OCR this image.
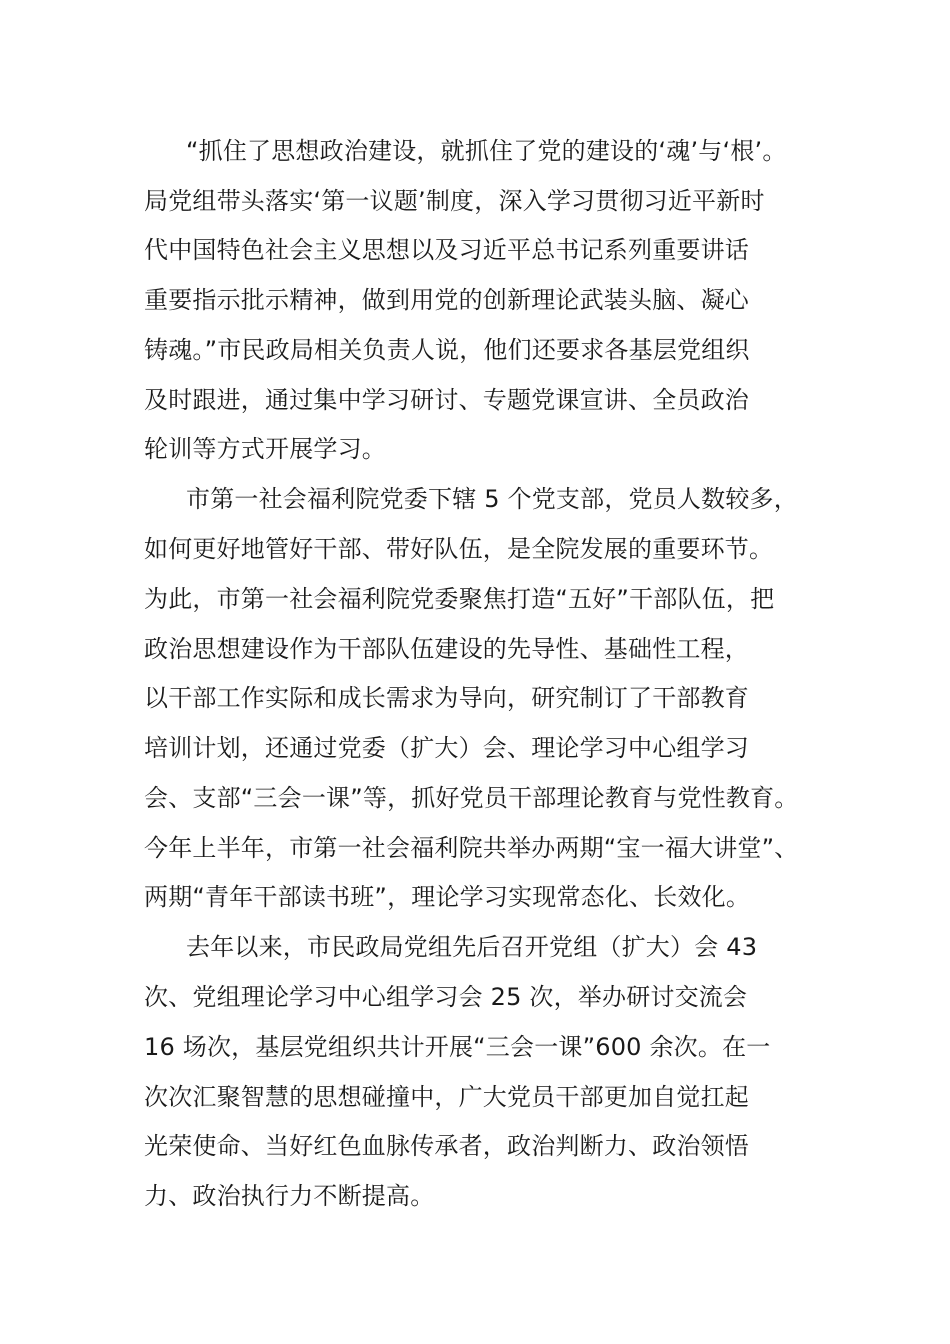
“抓住了思想政治建设，就抓住了党的建设的‘魂’与‘根’。
局党组带头落实‘第一议题’制度，深入学习贯彻习近平新时
代中国特色社会主义思想以及习近平总书记系列重要讲话
重要指示批示精神，做到用党的创新理论武装头脑、凝心
铸魂。”市民政局相关负责人说，他们还要求各基层党组织
及时跟进，通过集中学习研讨、专题党课宣讲、全员政治
轮训等方式开展学习。
市第一社会福利院党委下辖 5 个党支部，党员人数较多，
如何更好地管好干部、带好队伍，是全院发展的重要环节。
为此，市第一社会福利院党委聚焦打造“五好”干部队伍，把
政治思想建设作为干部队伍建设的先导性、基础性工程，
以干部工作实际和成长需求为导向，研究制订了干部教育
培训计划，还通过党委（扩大）会、理论学习中心组学习
会、支部“三会一课”等，抓好党员干部理论教育与党性教育。
今年上半年，市第一社会福利院共举办两期“宝一福大讲堂”、
两期“青年干部读书班”，理论学习实现常态化、长效化。
去年以来，市民政局党组先后召开党组（扩大）会 43
次、党组理论学习中心组学习会 25 次，举办研讨交流会
16 场次，基层党组织共计开展“三会一课”600 余次。在一
次次汇聚智慧的思想碰撞中，广大党员干部更加自觉扛起
光荣使命、当好红色血脉传承者，政治判断力、政治领悟
力、政治执行力不断提高。
